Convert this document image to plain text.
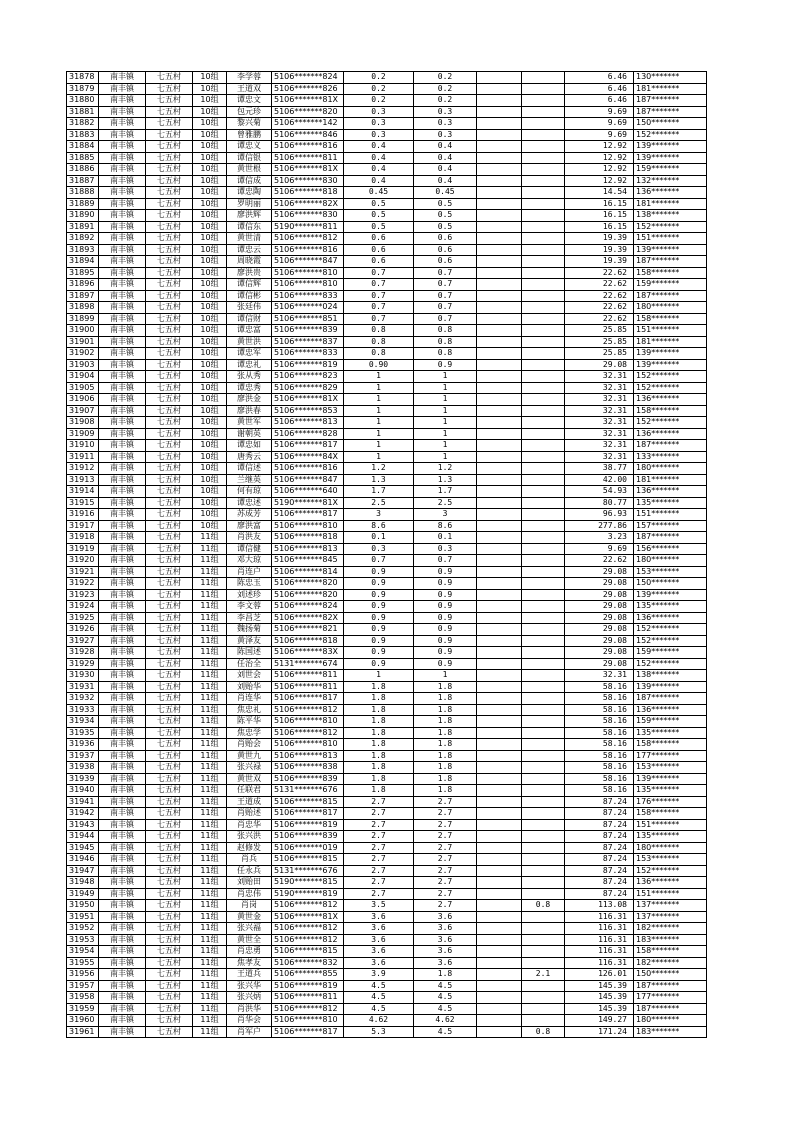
31878	南丰镇	七五村	10组	李学蓉	5106*******824	0.2	0.2			6.46	130*******
31879	南丰镇	七五村	10组	王道双	5106*******826	0.2	0.2			6.46	181*******
31880	南丰镇	七五村	10组	谭忠文	5106*******81X	0.2	0.2			6.46	187*******
31881	南丰镇	七五村	10组	包元珍	5106*******820	0.3	0.3			9.69	187*******
31882	南丰镇	七五村	10组	黎兴菊	5106*******142	0.3	0.3			9.69	150*******
31883	南丰镇	七五村	10组	曾雅鹏	5106*******846	0.3	0.3			9.69	152*******
31884	南丰镇	七五村	10组	谭忠义	5106*******816	0.4	0.4			12.92	139*******
31885	南丰镇	七五村	10组	谭信银	5106*******811	0.4	0.4			12.92	139*******
31886	南丰镇	七五村	10组	黄世根	5106*******81X	0.4	0.4			12.92	159*******
31887	南丰镇	七五村	10组	谭信成	5106*******830	0.4	0.4			12.92	132*******
31888	南丰镇	七五村	10组	谭忠陶	5106*******818	0.45	0.45			14.54	136*******
31889	南丰镇	七五村	10组	罗明丽	5106*******82X	0.5	0.5			16.15	181*******
31890	南丰镇	七五村	10组	廖洪辉	5106*******830	0.5	0.5			16.15	138*******
31891	南丰镇	七五村	10组	谭信东	5190*******811	0.5	0.5			16.15	152*******
31892	南丰镇	七五村	10组	黄世清	5106*******812	0.6	0.6			19.39	151*******
31893	南丰镇	七五村	10组	谭忠云	5106*******816	0.6	0.6			19.39	139*******
31894	南丰镇	七五村	10组	周晓霞	5106*******847	0.6	0.6			19.39	187*******
31895	南丰镇	七五村	10组	廖洪贵	5106*******810	0.7	0.7			22.62	158*******
31896	南丰镇	七五村	10组	谭信辉	5106*******810	0.7	0.7			22.62	159*******
31897	南丰镇	七五村	10组	谭信彬	5106*******833	0.7	0.7			22.62	187*******
31898	南丰镇	七五村	10组	张廷伟	5106*******024	0.7	0.7			22.62	180*******
31899	南丰镇	七五村	10组	谭信财	5106*******851	0.7	0.7			22.62	158*******
31900	南丰镇	七五村	10组	谭忠富	5106*******839	0.8	0.8			25.85	151*******
31901	南丰镇	七五村	10组	黄世洪	5106*******837	0.8	0.8			25.85	181*******
31902	南丰镇	七五村	10组	谭忠军	5106*******833	0.8	0.8			25.85	139*******
31903	南丰镇	七五村	10组	谭忠礼	5106*******819	0.90	0.9			29.08	139*******
31904	南丰镇	七五村	10组	张从秀	5106*******823	1	1			32.31	152*******
31905	南丰镇	七五村	10组	谭忠秀	5106*******829	1	1			32.31	152*******
31906	南丰镇	七五村	10组	廖洪金	5106*******81X	1	1			32.31	136*******
31907	南丰镇	七五村	10组	廖洪春	5106*******853	1	1			32.31	158*******
31908	南丰镇	七五村	10组	黄世军	5106*******813	1	1			32.31	152*******
31909	南丰镇	七五村	10组	谢朝英	5106*******828	1	1			32.31	136*******
31910	南丰镇	七五村	10组	谭忠如	5106*******817	1	1			32.31	187*******
31911	南丰镇	七五村	10组	唐秀云	5106*******84X	1	1			32.31	133*******
31912	南丰镇	七五村	10组	谭信述	5106*******816	1.2	1.2			38.77	180*******
31913	南丰镇	七五村	10组	兰继英	5106*******847	1.3	1.3			42.00	181*******
31914	南丰镇	七五村	10组	何有琼	5106*******640	1.7	1.7			54.93	136*******
31915	南丰镇	七五村	10组	谭忠述	5190*******81X	2.5	2.5			80.77	135*******
31916	南丰镇	七五村	10组	苏成芳	5106*******817	3	3			96.93	151*******
31917	南丰镇	七五村	10组	廖洪富	5106*******810	8.6	8.6			277.86	157*******
31918	南丰镇	七五村	11组	肖洪友	5106*******818	0.1	0.1			3.23	187*******
31919	南丰镇	七五村	11组	谭信健	5106*******813	0.3	0.3			9.69	156*******
31920	南丰镇	七五村	11组	邓大琼	5106*******845	0.7	0.7			22.62	180*******
31921	南丰镇	七五村	11组	肖连户	5106*******814	0.9	0.9			29.08	153*******
31922	南丰镇	七五村	11组	陈忠玉	5106*******820	0.9	0.9			29.08	150*******
31923	南丰镇	七五村	11组	刘述珍	5106*******820	0.9	0.9			29.08	139*******
31924	南丰镇	七五村	11组	李文蓉	5106*******824	0.9	0.9			29.08	135*******
31925	南丰镇	七五村	11组	李昌芝	5106*******82X	0.9	0.9			29.08	136*******
31926	南丰镇	七五村	11组	魏扬菊	5106*******821	0.9	0.9			29.08	152*******
31927	南丰镇	七五村	11组	黄泽友	5106*******818	0.9	0.9			29.08	152*******
31928	南丰镇	七五村	11组	陈国述	5106*******83X	0.9	0.9			29.08	159*******
31929	南丰镇	七五村	11组	任治全	5131*******674	0.9	0.9			29.08	152*******
31930	南丰镇	七五村	11组	刘世会	5106*******811	1	1			32.31	138*******
31931	南丰镇	七五村	11组	刘贻华	5106*******811	1.8	1.8			58.16	139*******
31932	南丰镇	七五村	11组	肖连华	5106*******817	1.8	1.8			58.16	187*******
31933	南丰镇	七五村	11组	焦忠礼	5106*******812	1.8	1.8			58.16	136*******
31934	南丰镇	七五村	11组	陈平华	5106*******810	1.8	1.8			58.16	159*******
31935	南丰镇	七五村	11组	焦忠学	5106*******812	1.8	1.8			58.16	135*******
31936	南丰镇	七五村	11组	肖贻会	5106*******810	1.8	1.8			58.16	158*******
31937	南丰镇	七五村	11组	黄世九	5106*******813	1.8	1.8			58.16	177*******
31938	南丰镇	七五村	11组	张兴禄	5106*******838	1.8	1.8			58.16	153*******
31939	南丰镇	七五村	11组	黄世双	5106*******839	1.8	1.8			58.16	139*******
31940	南丰镇	七五村	11组	任联君	5131*******676	1.8	1.8			58.16	135*******
31941	南丰镇	七五村	11组	王道成	5106*******815	2.7	2.7			87.24	176*******
31942	南丰镇	七五村	11组	肖贻述	5106*******817	2.7	2.7			87.24	158*******
31943	南丰镇	七五村	11组	肖忠华	5106*******819	2.7	2.7			87.24	151*******
31944	南丰镇	七五村	11组	张兴洪	5106*******839	2.7	2.7			87.24	135*******
31945	南丰镇	七五村	11组	赵修发	5106*******019	2.7	2.7			87.24	180*******
31946	南丰镇	七五村	11组	肖兵	5106*******815	2.7	2.7			87.24	153*******
31947	南丰镇	七五村	11组	任永兵	5131*******676	2.7	2.7			87.24	152*******
31948	南丰镇	七五村	11组	刘贻田	5190*******815	2.7	2.7			87.24	136*******
31949	南丰镇	七五村	11组	肖忠伟	5190*******819	2.7	2.7			87.24	151*******
31950	南丰镇	七五村	11组	肖岗	5106*******812	3.5	2.7		0.8	113.08	137*******
31951	南丰镇	七五村	11组	黄世金	5106*******81X	3.6	3.6			116.31	137*******
31952	南丰镇	七五村	11组	张兴福	5106*******812	3.6	3.6			116.31	182*******
31953	南丰镇	七五村	11组	黄世全	5106*******812	3.6	3.6			116.31	183*******
31954	南丰镇	七五村	11组	肖忠勇	5106*******815	3.6	3.6			116.31	158*******
31955	南丰镇	七五村	11组	焦孝友	5106*******832	3.6	3.6			116.31	182*******
31956	南丰镇	七五村	11组	王道兵	5106*******855	3.9	1.8		2.1	126.01	150*******
31957	南丰镇	七五村	11组	张兴华	5106*******819	4.5	4.5			145.39	187*******
31958	南丰镇	七五村	11组	张兴炳	5106*******811	4.5	4.5			145.39	177*******
31959	南丰镇	七五村	11组	肖洪华	5106*******812	4.5	4.5			145.39	187*******
31960	南丰镇	七五村	11组	肖华会	5106*******810	4.62	4.62			149.27	180*******
31961	南丰镇	七五村	11组	肖军户	5106*******817	5.3	4.5		0.8	171.24	183*******
